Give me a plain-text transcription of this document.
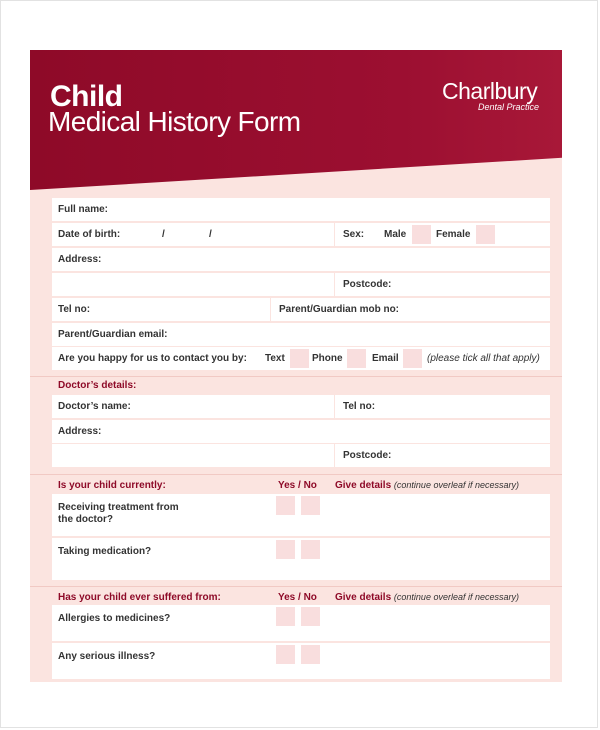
Child
Medical History Form
Charlbury
Dental Practice
Full name:
Date of birth:	/	/	Sex: Male	Female
Address:
Postcode:
Tel no:	Parent/Guardian mob no:
Parent/Guardian email:
Are you happy for us to contact you by: Text	Phone	Email	(please tick all that apply)
Doctor’s details:
Doctor’s name:	Tel no:
Address:
Postcode:
Is your child currently:	Yes / No Give details (continue overleaf if necessary)
Receiving treatment from
the doctor?
Taking medication?
Has your child ever suffered from:	Yes / No Give details (continue overleaf if necessary)
Allergies to medicines?
Any serious illness?
